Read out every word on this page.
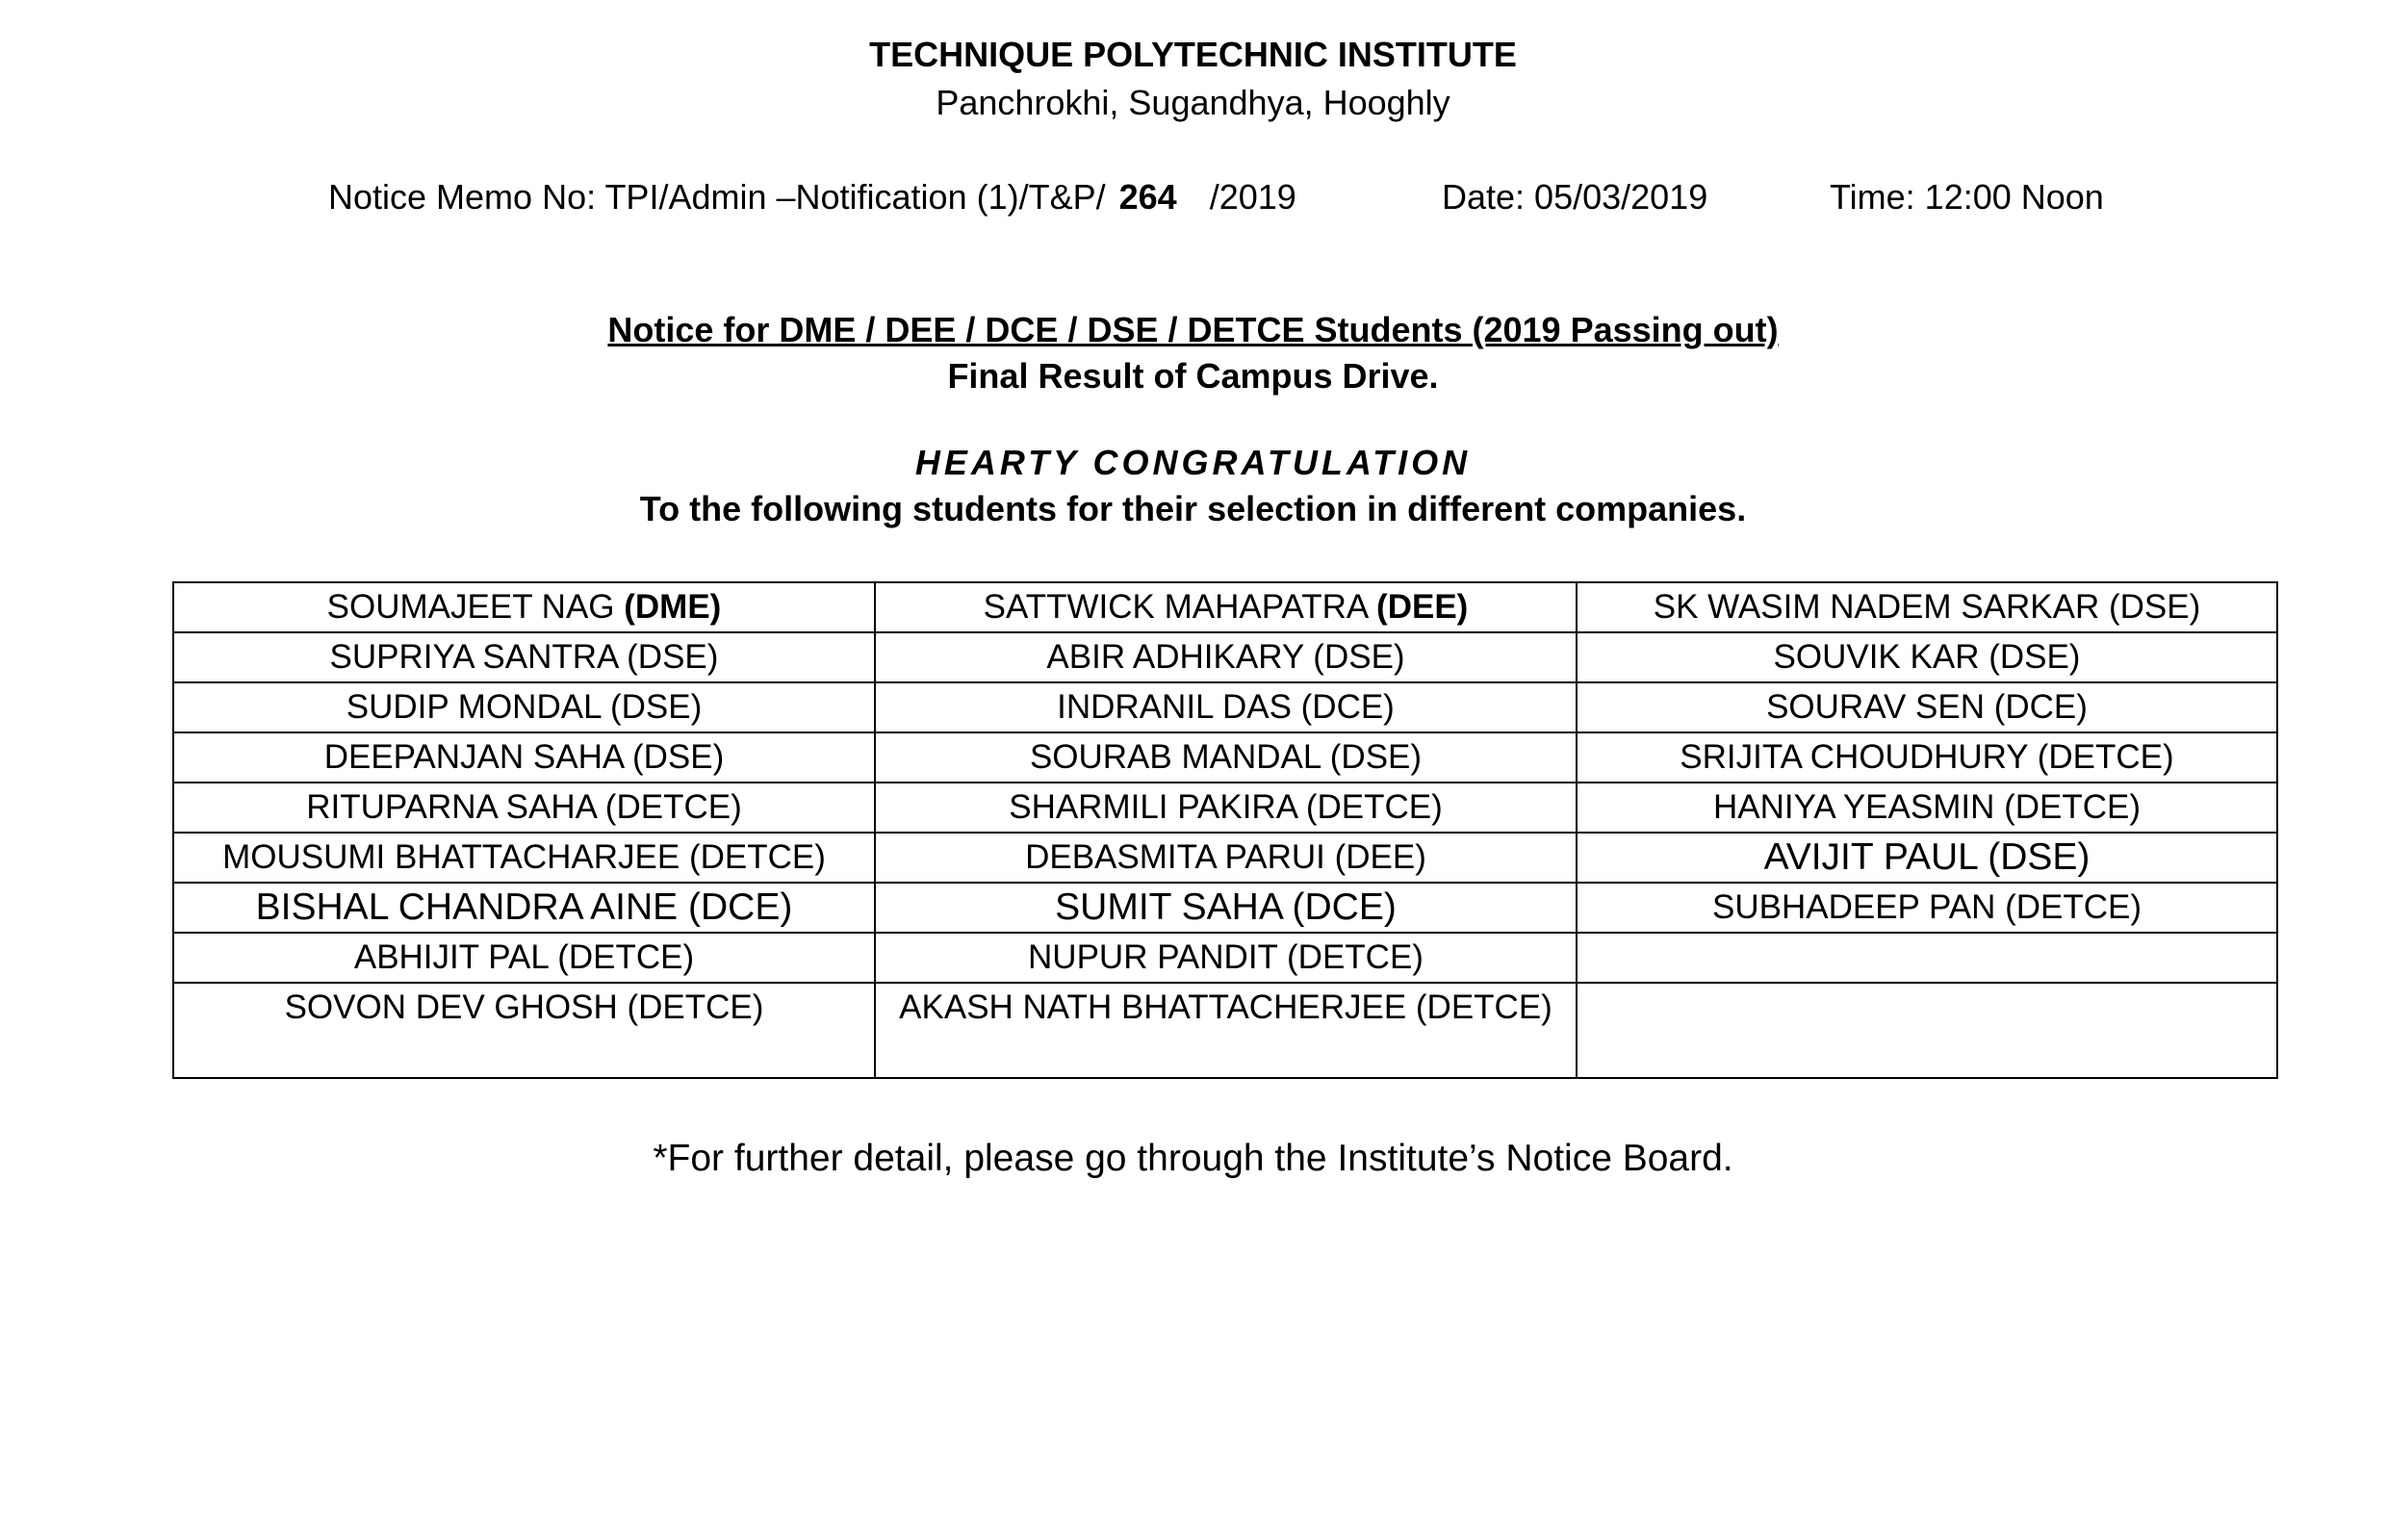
TECHNIQUE POLYTECHNIC INSTITUTE
Panchrokhi, Sugandhya, Hooghly
Notice Memo No: TPI/Admin –Notification (1)/T&P/ 264 /2019	Date: 05/03/2019	Time: 12:00 Noon
Notice for DME / DEE / DCE / DSE / DETCE Students (2019 Passing out)
Final Result of Campus Drive.
HEARTY CONGRATULATION
To the following students for their selection in different companies.
SOUMAJEET NAG (DME)	SATTWICK MAHAPATRA (DEE)	SK WASIM NADEM SARKAR (DSE)
SUPRIYA SANTRA (DSE)	ABIR ADHIKARY (DSE)	SOUVIK KAR (DSE)
SUDIP MONDAL (DSE)	INDRANIL DAS (DCE)	SOURAV SEN (DCE)
DEEPANJAN SAHA (DSE)	SOURAB MANDAL (DSE)	SRIJITA CHOUDHURY (DETCE)
RITUPARNA SAHA (DETCE)	SHARMILI PAKIRA (DETCE)	HANIYA YEASMIN (DETCE)
MOUSUMI BHATTACHARJEE (DETCE)	DEBASMITA PARUI (DEE)	AVIJIT PAUL (DSE)
BISHAL CHANDRA AINE (DCE)	SUMIT SAHA (DCE)	SUBHADEEP PAN (DETCE)
ABHIJIT PAL (DETCE)	NUPUR PANDIT (DETCE)	
SOVON DEV GHOSH (DETCE)	AKASH NATH BHATTACHERJEE (DETCE)	
*For further detail, please go through the Institute’s Notice Board.
